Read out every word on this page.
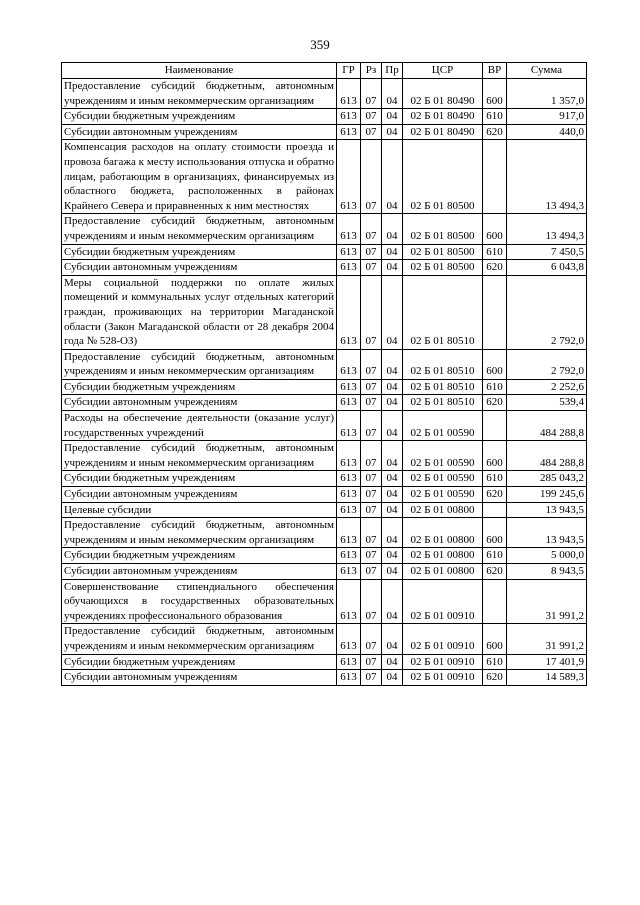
359
Наименование	ГР	Рз	Пр	ЦСР	ВР	Сумма
Предоставление субсидий бюджетным, автономным учреждениям и иным некоммерческим организациям	613	07	04	02 Б 01 80490	600	1 357,0
Субсидии бюджетным учреждениям	613	07	04	02 Б 01 80490	610	917,0
Субсидии автономным учреждениям	613	07	04	02 Б 01 80490	620	440,0
Компенсация расходов на оплату стоимости проезда и провоза багажа к месту использования отпуска и обратно лицам, работающим в организациях, финансируемых из областного бюджета, расположенных в районах Крайнего Севера и приравненных к ним местностях	613	07	04	02 Б 01 80500		13 494,3
Предоставление субсидий бюджетным, автономным учреждениям и иным некоммерческим организациям	613	07	04	02 Б 01 80500	600	13 494,3
Субсидии бюджетным учреждениям	613	07	04	02 Б 01 80500	610	7 450,5
Субсидии автономным учреждениям	613	07	04	02 Б 01 80500	620	6 043,8
Меры социальной поддержки по оплате жилых помещений и коммунальных услуг отдельных категорий граждан, проживающих на территории Магаданской области (Закон Магаданской области от 28 декабря 2004 года № 528-ОЗ)	613	07	04	02 Б 01 80510		2 792,0
Предоставление субсидий бюджетным, автономным учреждениям и иным некоммерческим организациям	613	07	04	02 Б 01 80510	600	2 792,0
Субсидии бюджетным учреждениям	613	07	04	02 Б 01 80510	610	2 252,6
Субсидии автономным учреждениям	613	07	04	02 Б 01 80510	620	539,4
Расходы на обеспечение деятельности (оказание услуг) государственных учреждений	613	07	04	02 Б 01 00590		484 288,8
Предоставление субсидий бюджетным, автономным учреждениям и иным некоммерческим организациям	613	07	04	02 Б 01 00590	600	484 288,8
Субсидии бюджетным учреждениям	613	07	04	02 Б 01 00590	610	285 043,2
Субсидии автономным учреждениям	613	07	04	02 Б 01 00590	620	199 245,6
Целевые субсидии	613	07	04	02 Б 01 00800		13 943,5
Предоставление субсидий бюджетным, автономным учреждениям и иным некоммерческим организациям	613	07	04	02 Б 01 00800	600	13 943,5
Субсидии бюджетным учреждениям	613	07	04	02 Б 01 00800	610	5 000,0
Субсидии автономным учреждениям	613	07	04	02 Б 01 00800	620	8 943,5
Совершенствование стипендиального обеспечения обучающихся в государственных образовательных учреждениях профессионального образования	613	07	04	02 Б 01 00910		31 991,2
Предоставление субсидий бюджетным, автономным учреждениям и иным некоммерческим организациям	613	07	04	02 Б 01 00910	600	31 991,2
Субсидии бюджетным учреждениям	613	07	04	02 Б 01 00910	610	17 401,9
Субсидии автономным учреждениям	613	07	04	02 Б 01 00910	620	14 589,3
